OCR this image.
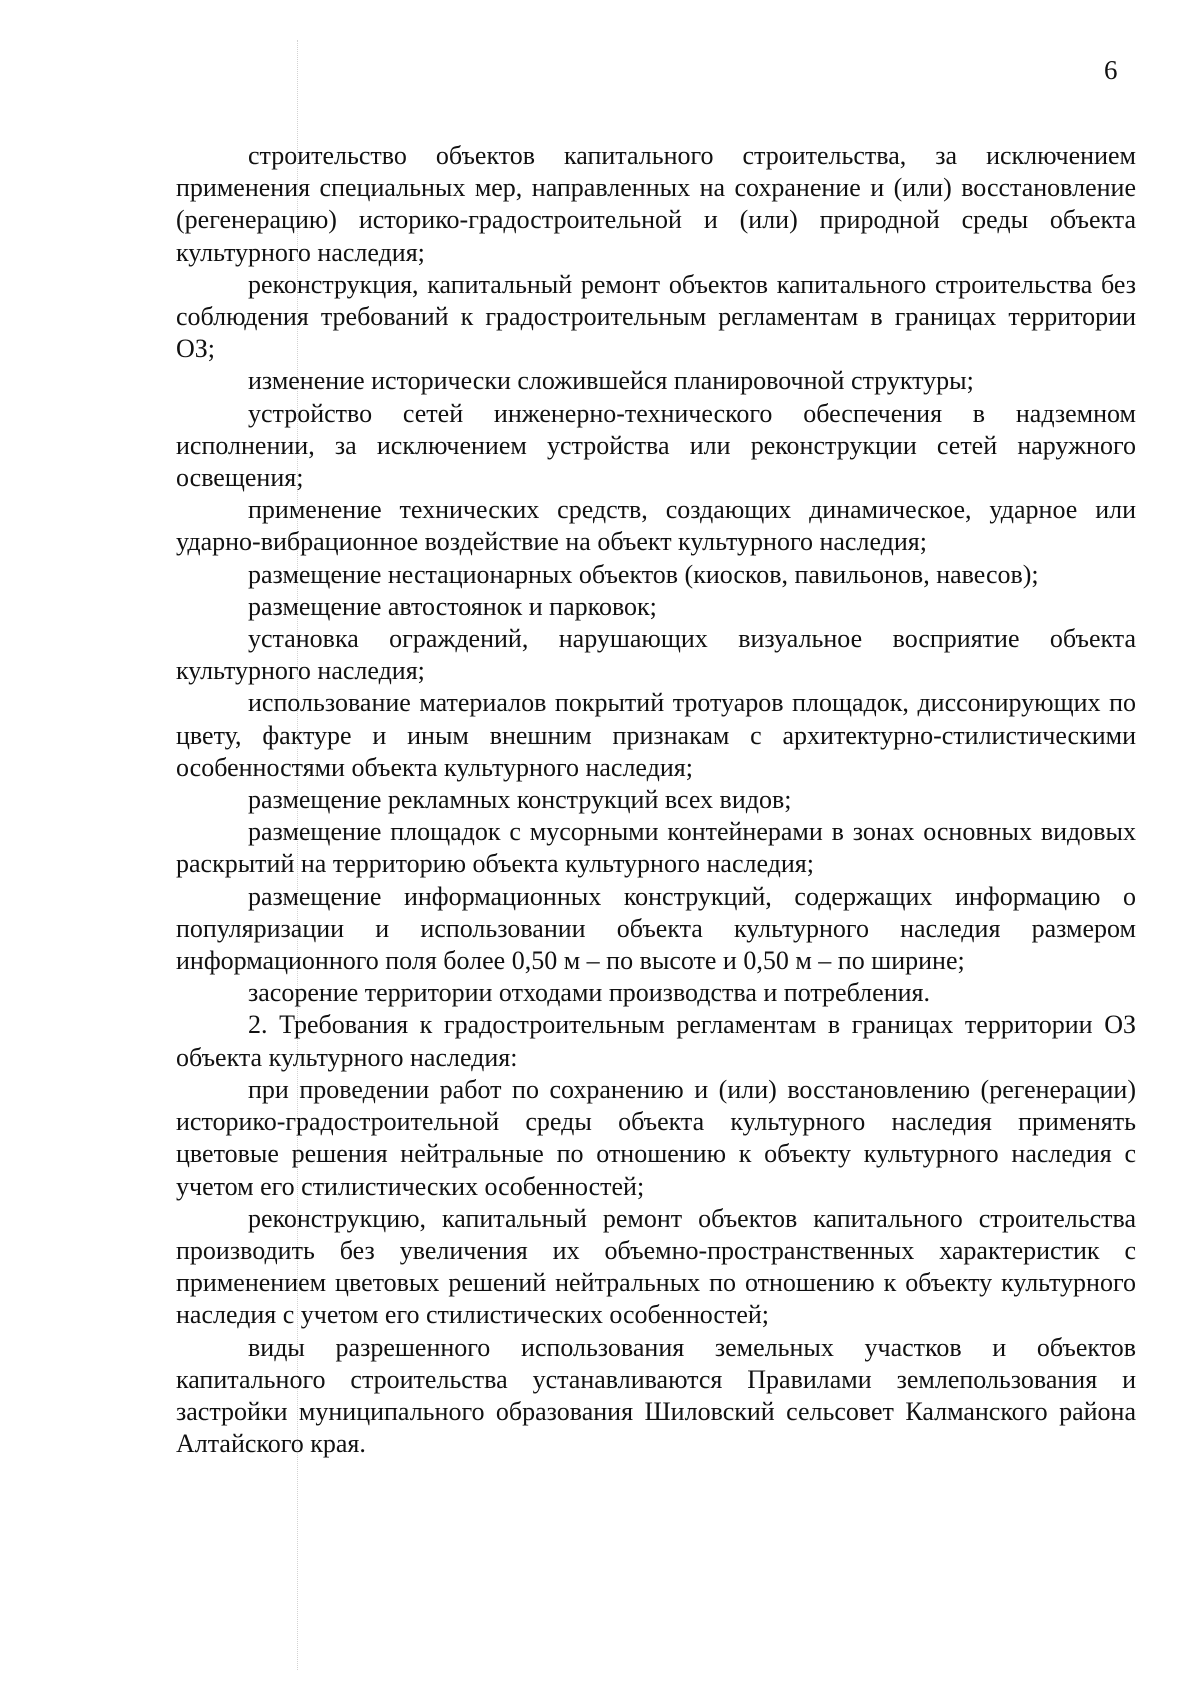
6

строительство объектов капитального строительства, за исключением применения специальных мер, направленных на сохранение и (или) восстановление (регенерацию) историко-градостроительной и (или) природной среды объекта культурного наследия;

реконструкция, капитальный ремонт объектов капитального строительства без соблюдения требований к градостроительным регламентам в границах территории ОЗ;

изменение исторически сложившейся планировочной структуры;

устройство сетей инженерно-технического обеспечения в надземном исполнении, за исключением устройства или реконструкции сетей наружного освещения;

применение технических средств, создающих динамическое, ударное или ударно-вибрационное воздействие на объект культурного наследия;

размещение нестационарных объектов (киосков, павильонов, навесов);

размещение автостоянок и парковок;

установка ограждений, нарушающих визуальное восприятие объекта культурного наследия;

использование материалов покрытий тротуаров площадок, диссонирующих по цвету, фактуре и иным внешним признакам с архитектурно-стилистическими особенностями объекта культурного наследия;

размещение рекламных конструкций всех видов;

размещение площадок с мусорными контейнерами в зонах основных видовых раскрытий на территорию объекта культурного наследия;

размещение информационных конструкций, содержащих информацию о популяризации и использовании объекта культурного наследия размером информационного поля более 0,50 м – по высоте и 0,50 м – по ширине;

засорение территории отходами производства и потребления.

2. Требования к градостроительным регламентам в границах территории ОЗ объекта культурного наследия:

при проведении работ по сохранению и (или) восстановлению (регенерации) историко-градостроительной среды объекта культурного наследия применять цветовые решения нейтральные по отношению к объекту культурного наследия с учетом его стилистических особенностей;

реконструкцию, капитальный ремонт объектов капитального строительства производить без увеличения их объемно-пространственных характеристик с применением цветовых решений нейтральных по отношению к объекту культурного наследия с учетом его стилистических особенностей;

виды разрешенного использования земельных участков и объектов капитального строительства устанавливаются Правилами землепользования и застройки муниципального образования Шиловский сельсовет Калманского района Алтайского края.
